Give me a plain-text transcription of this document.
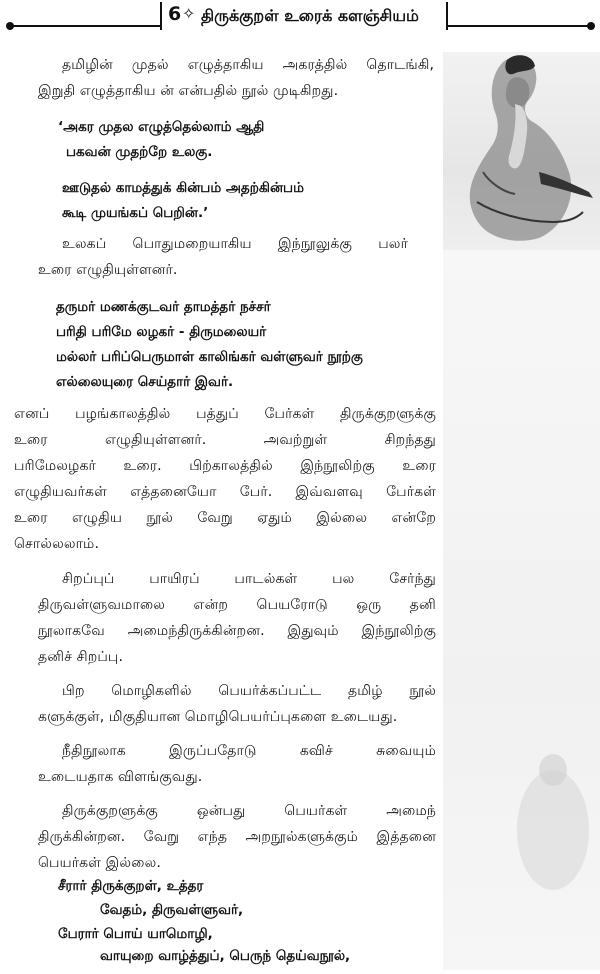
6 ✧ திருக்குறள் உரைக் களஞ்சியம்
தமிழின் முதல் எழுத்தாகிய அகரத்தில் தொடங்கி,
இறுதி எழுத்தாகிய ன் என்பதில் நூல் முடிகிறது.
‘அகர முதல எழுத்தெல்லாம் ஆதி
பகவன் முதற்றே உலகு.
ஊடுதல் காமத்துக் கின்பம் அதற்கின்பம்
கூடி முயங்கப் பெறின்.’
உலகப் பொதுமறையாகிய இந்நூலுக்கு பலர்
உரை எழுதியுள்ளனர்.
தருமர் மணக்குடவர் தாமத்தர் நச்சர்
பரிதி பரிமே லழகர் - திருமலையர்
மல்லர் பரிப்பெருமாள் காலிங்கர் வள்ளுவர் நூற்கு
எல்லையுரை செய்தார் இவர்.
எனப் பழங்காலத்தில் பத்துப் பேர்கள் திருக்குறளுக்கு
உரை எழுதியுள்ளனர். அவற்றுள் சிறந்தது
பரிமேலழகர் உரை. பிற்காலத்தில் இந்நூலிற்கு உரை
எழுதியவர்கள் எத்தனையோ பேர். இவ்வளவு பேர்கள்
உரை எழுதிய நூல் வேறு ஏதும் இல்லை என்றே
சொல்லலாம்.
சிறப்புப் பாயிரப் பாடல்கள் பல சேர்ந்து
திருவள்ளுவமாலை என்ற பெயரோடு ஒரு தனி
நூலாகவே அமைந்திருக்கின்றன. இதுவும் இந்நூலிற்கு
தனிச் சிறப்பு.
பிற மொழிகளில் பெயர்க்கப்பட்ட தமிழ் நூல்
களுக்குள், மிகுதியான மொழிபெயர்ப்புகளை உடையது.
நீதிநூலாக இருப்பதோடு கவிச் சுவையும்
உடையதாக விளங்குவது.
திருக்குறளுக்கு ஒன்பது பெயர்கள் அமைந்
திருக்கின்றன. வேறு எந்த அறநூல்களுக்கும் இத்தனை
பெயர்கள் இல்லை.
சீரார் திருக்குறள், உத்தர
வேதம், திருவள்ளுவர்,
பேரார் பொய் யாமொழி,
வாயுறை வாழ்த்துப், பெருந் தெய்வநூல்,
